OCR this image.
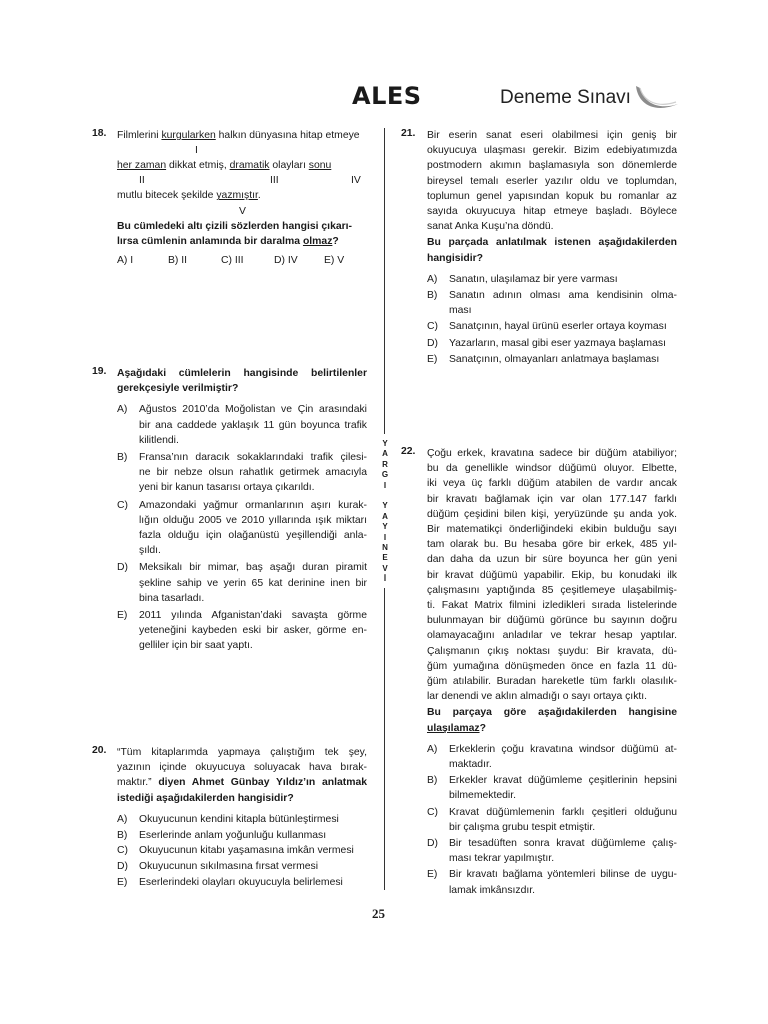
ALES	Deneme Sınavı
Y
A
R
G
I
Y
A
Y
I
N
E
V
İ
18. Filmlerini kurgularken halkın dünyasına hitap etmeye
I
her zaman dikkat etmiş, dramatik olayları sonu
II	III	IV
mutlu bitecek şekilde yazmıştır.
V
Bu cümledeki altı çizili sözlerden hangisi çıkarı-
lırsa cümlenin anlamında bir daralma olmaz?
A) I	B) II	C) III	D) IV	E) V
19. Aşağıdaki cümlelerin hangisinde belirtilenler
gerekçesiyle verilmiştir?
A) Ağustos 2010’da Moğolistan ve Çin arasındaki
bir ana caddede yaklaşık 11 gün boyunca trafik
kilitlendi.
B) Fransa’nın daracık sokaklarındaki trafik çilesi-
ne bir nebze olsun rahatlık getirmek amacıyla
yeni bir kanun tasarısı ortaya çıkarıldı.
C) Amazondaki yağmur ormanlarının aşırı kurak-
lığın olduğu 2005 ve 2010 yıllarında ışık miktarı
fazla olduğu için olağanüstü yeşillendiği anla-
şıldı.
D) Meksikalı bir mimar, baş aşağı duran piramit
şekline sahip ve yerin 65 kat derinine inen bir
bina tasarladı.
E) 2011 yılında Afganistan’daki savaşta görme
yeteneğini kaybeden eski bir asker, görme en-
gelliler için bir saat yaptı.
20. “Tüm kitaplarımda yapmaya çalıştığım tek şey,
yazının içinde okuyucuya soluyacak hava bırak-
maktır.” diyen Ahmet Günbay Yıldız’ın anlatmak
istediği aşağıdakilerden hangisidir?
A) Okuyucunun kendini kitapla bütünleştirmesi
B) Eserlerinde anlam yoğunluğu kullanması
C) Okuyucunun kitabı yaşamasına imkân vermesi
D) Okuyucunun sıkılmasına fırsat vermesi
E) Eserlerindeki olayları okuyucuyla belirlemesi
21. Bir eserin sanat eseri olabilmesi için geniş bir
okuyucuya ulaşması gerekir. Bizim edebiyatımızda
postmodern akımın başlamasıyla son dönemlerde
bireysel temalı eserler yazılır oldu ve toplumdan,
toplumun genel yapısından kopuk bu romanlar az
sayıda okuyucuya hitap etmeye başladı. Böylece
sanat Anka Kuşu’na döndü.
Bu parçada anlatılmak istenen aşağıdakilerden
hangisidir?
A) Sanatın, ulaşılamaz bir yere varması
B) Sanatın adının olması ama kendisinin olma-
ması
C) Sanatçının, hayal ürünü eserler ortaya koyması
D) Yazarların, masal gibi eser yazmaya başlaması
E) Sanatçının, olmayanları anlatmaya başlaması
22. Çoğu erkek, kravatına sadece bir düğüm atabiliyor;
bu da genellikle windsor düğümü oluyor. Elbette,
iki veya üç farklı düğüm atabilen de vardır ancak
bir kravatı bağlamak için var olan 177.147 farklı
düğüm çeşidini bilen kişi, yeryüzünde şu anda yok.
Bir matematikçi önderliğindeki ekibin bulduğu sayı
tam olarak bu. Bu hesaba göre bir erkek, 485 yıl-
dan daha da uzun bir süre boyunca her gün yeni
bir kravat düğümü yapabilir. Ekip, bu konudaki ilk
çalışmasını yaptığında 85 çeşitlemeye ulaşabilmiş-
ti. Fakat Matrix filmini izledikleri sırada listelerinde
bulunmayan bir düğümü görünce bu sayının doğru
olamayacağını anladılar ve tekrar hesap yaptılar.
Çalışmanın çıkış noktası şuydu: Bir kravata, dü-
ğüm yumağına dönüşmeden önce en fazla 11 dü-
ğüm atılabilir. Buradan hareketle tüm farklı olasılık-
lar denendi ve aklın almadığı o sayı ortaya çıktı.
Bu parçaya göre aşağıdakilerden hangisine
ulaşılamaz?
A) Erkeklerin çoğu kravatına windsor düğümü at-
maktadır.
B) Erkekler kravat düğümleme çeşitlerinin hepsini
bilmemektedir.
C) Kravat düğümlemenin farklı çeşitleri olduğunu
bir çalışma grubu tespit etmiştir.
D) Bir tesadüften sonra kravat düğümleme çalış-
ması tekrar yapılmıştır.
E) Bir kravatı bağlama yöntemleri bilinse de uygu-
lamak imkânsızdır.
25
